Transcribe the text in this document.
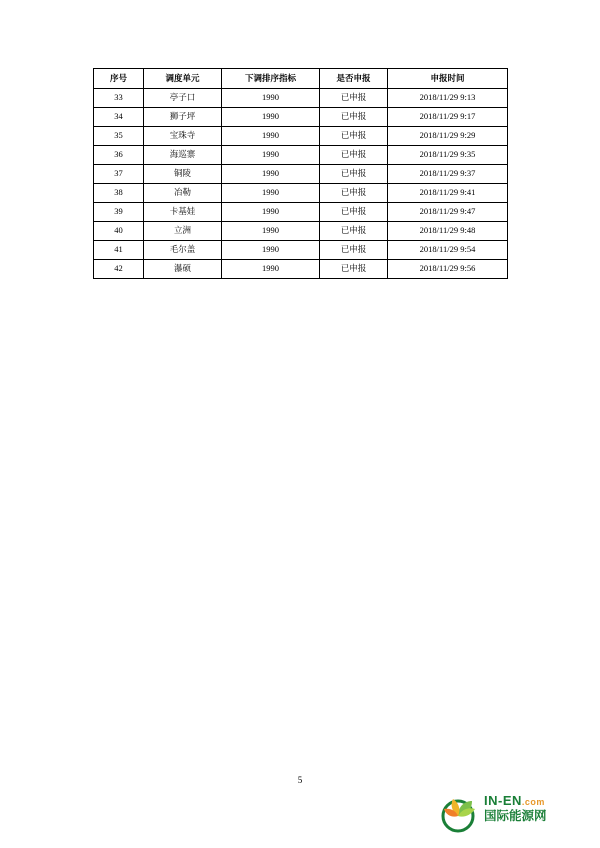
序号	调度单元	下调排序指标	是否申报	申报时间
33	亭子口	1990	已申报	2018/11/29 9:13
34	狮子坪	1990	已申报	2018/11/29 9:17
35	宝珠寺	1990	已申报	2018/11/29 9:29
36	海巡寨	1990	已申报	2018/11/29 9:35
37	铜陵	1990	已申报	2018/11/29 9:37
38	冶勒	1990	已申报	2018/11/29 9:41
39	卡基娃	1990	已申报	2018/11/29 9:47
40	立洲	1990	已申报	2018/11/29 9:48
41	毛尔盖	1990	已申报	2018/11/29 9:54
42	瀑硕	1990	已申报	2018/11/29 9:56
5
IN-EN.com
国际能源网
